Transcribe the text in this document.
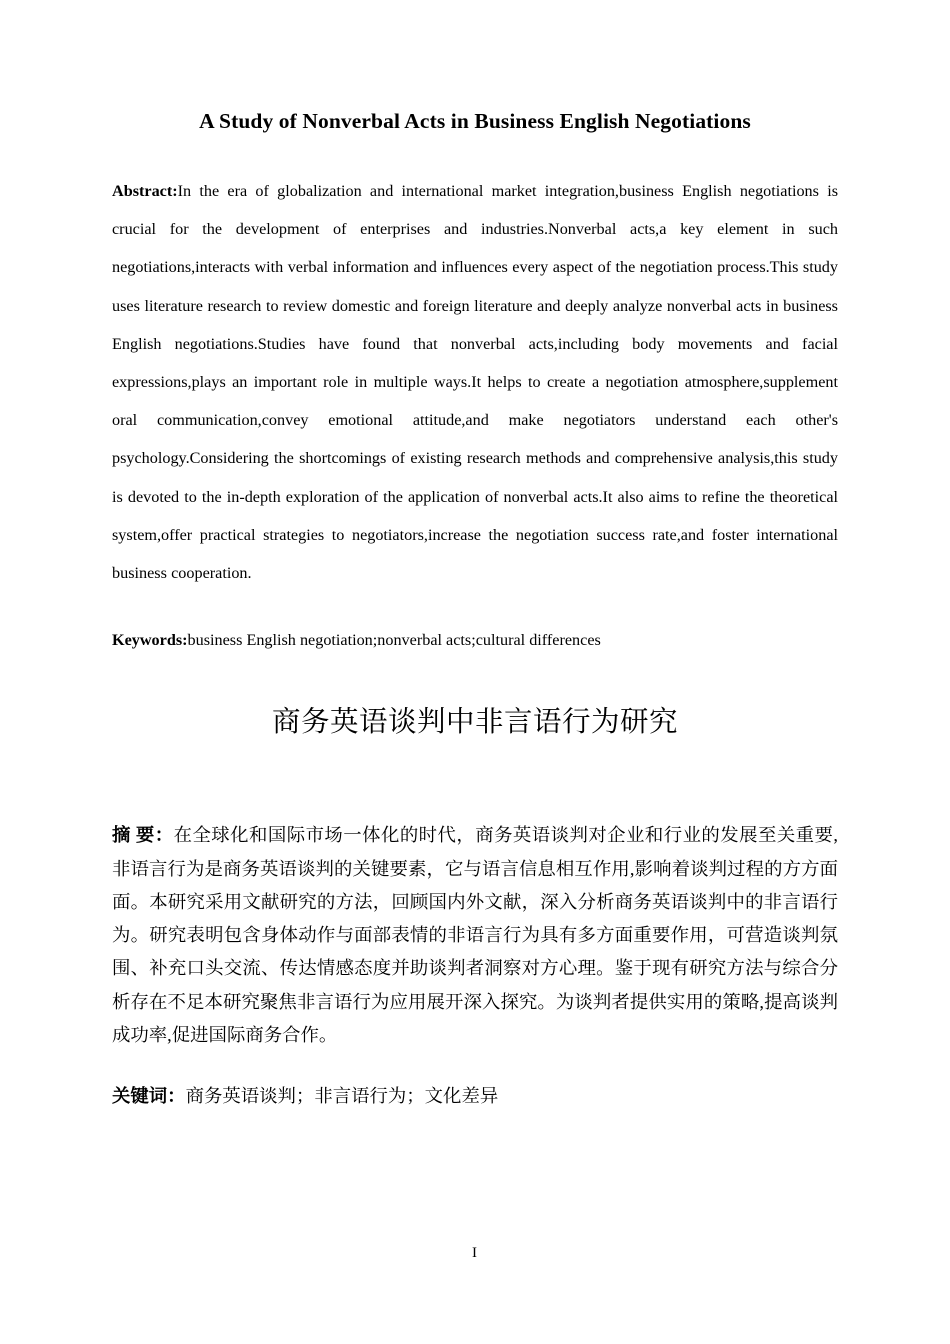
A Study of Nonverbal Acts in Business English Negotiations

Abstract:In the era of globalization and international market integration,business English negotiations is crucial for the development of enterprises and industries.Nonverbal acts,a key element in such negotiations,interacts with verbal information and influences every aspect of the negotiation process.This study uses literature research to review domestic and foreign literature and deeply analyze nonverbal acts in business English negotiations.Studies have found that nonverbal acts,including body movements and facial expressions,plays an important role in multiple ways.It helps to create a negotiation atmosphere,supplement oral communication,convey emotional attitude,and make negotiators understand each other's psychology.Considering the shortcomings of existing research methods and comprehensive analysis,this study is devoted to the in-depth exploration of the application of nonverbal acts.It also aims to refine the theoretical system,offer practical strategies to negotiators,increase the negotiation success rate,and foster international business cooperation.

Keywords:business English negotiation;nonverbal acts;cultural differences

商务英语谈判中非言语行为研究

摘 要：在全球化和国际市场一体化的时代，商务英语谈判对企业和行业的发展至关重要,非语言行为是商务英语谈判的关键要素，它与语言信息相互作用,影响着谈判过程的方方面面。本研究采用文献研究的方法，回顾国内外文献，深入分析商务英语谈判中的非言语行为。研究表明包含身体动作与面部表情的非语言行为具有多方面重要作用，可营造谈判氛围、补充口头交流、传达情感态度并助谈判者洞察对方心理。鉴于现有研究方法与综合分析存在不足本研究聚焦非言语行为应用展开深入探究。为谈判者提供实用的策略,提高谈判成功率,促进国际商务合作。

关键词：商务英语谈判；非言语行为；文化差异

I
